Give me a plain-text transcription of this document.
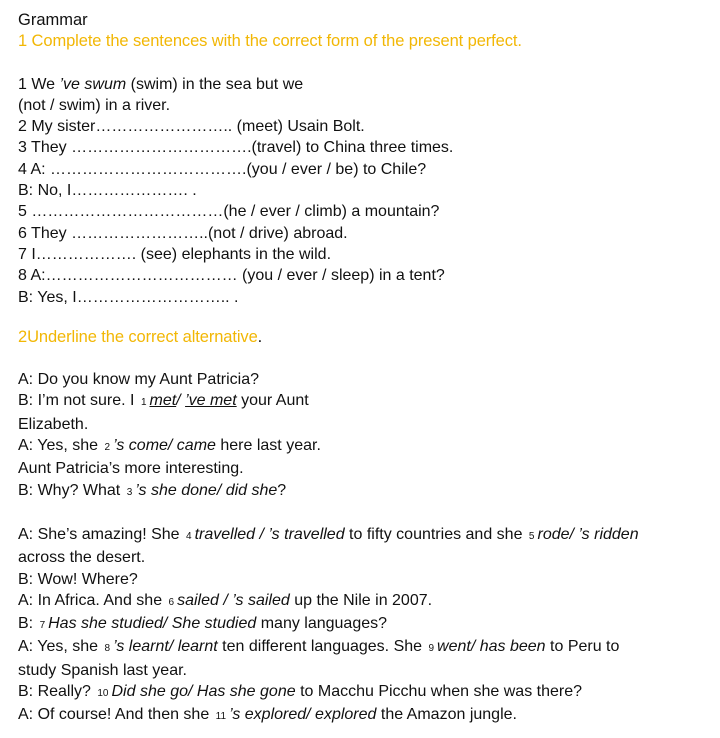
Grammar
1 Complete the sentences with the correct form of the present perfect.
1 We ’ve swum (swim) in the sea but we
(not / swim) in a river.
2 My sister…………………….. (meet) Usain Bolt.
3 They …………………………….(travel) to China three times.
4 A: ……………………………….(you / ever / be) to Chile?
B: No, I…………………. .
5 ………………………………(he / ever / climb) a mountain?
6 They ……………………..(not / drive) abroad.
7 I………………. (see) elephants in the wild.
8 A:……………………………… (you / ever / sleep) in a tent?
B: Yes, I……………………….. .
2Underline the correct alternative.
A: Do you know my Aunt Patricia?
B: I’m not sure. I 1 met/ ’ve met your Aunt
Elizabeth.
A: Yes, she 2 ’s come/ came here last year.
Aunt Patricia’s more interesting.
B: Why? What 3 ’s she done/ did she?
A: She’s amazing! She 4 travelled / ’s travelled to fifty countries and she 5 rode/ ’s ridden
across the desert.
B: Wow! Where?
A: In Africa. And she 6 sailed / ’s sailed up the Nile in 2007.
B: 7 Has she studied/ She studied many languages?
A: Yes, she 8 ’s learnt/ learnt ten different languages. She 9 went/ has been to Peru to
study Spanish last year.
B: Really? 10 Did she go/ Has she gone to Macchu Picchu when she was there?
A: Of course! And then she 11 ’s explored/ explored the Amazon jungle.
